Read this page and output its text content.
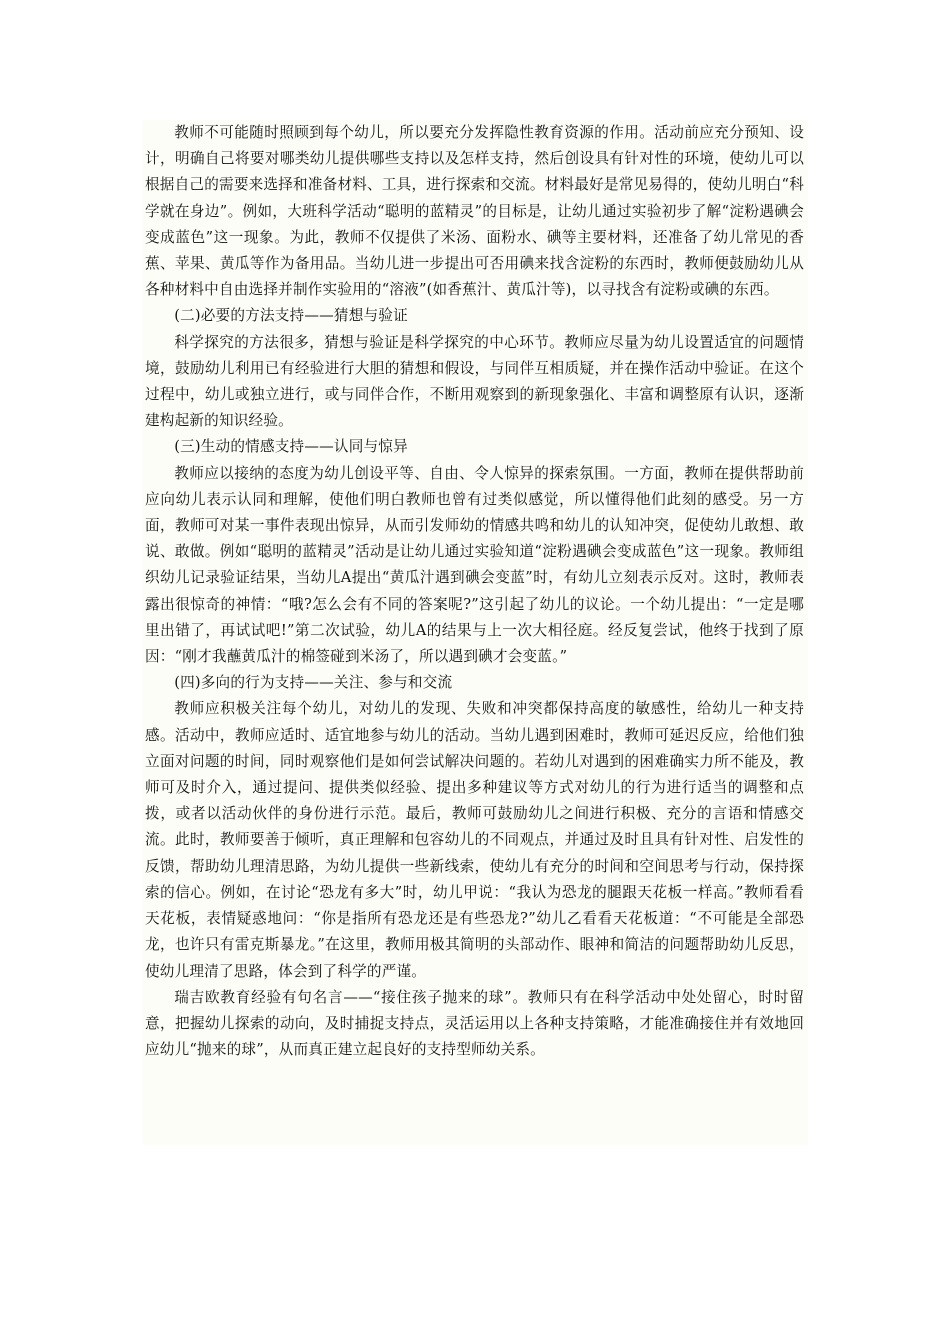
教师不可能随时照顾到每个幼儿，所以要充分发挥隐性教育资源的作用。活动前应充分预知、设计，明确自己将要对哪类幼儿提供哪些支持以及怎样支持，然后创设具有针对性的环境，使幼儿可以根据自己的需要来选择和准备材料、工具，进行探索和交流。材料最好是常见易得的，使幼儿明白“科学就在身边”。例如，大班科学活动“聪明的蓝精灵”的目标是，让幼儿通过实验初步了解“淀粉遇碘会变成蓝色”这一现象。为此，教师不仅提供了米汤、面粉水、碘等主要材料，还准备了幼儿常见的香蕉、苹果、黄瓜等作为备用品。当幼儿进一步提出可否用碘来找含淀粉的东西时，教师便鼓励幼儿从各种材料中自由选择并制作实验用的“溶液”(如香蕉汁、黄瓜汁等)，以寻找含有淀粉或碘的东西。

(二)必要的方法支持——猜想与验证

科学探究的方法很多，猜想与验证是科学探究的中心环节。教师应尽量为幼儿设置适宜的问题情境，鼓励幼儿利用已有经验进行大胆的猜想和假设，与同伴互相质疑，并在操作活动中验证。在这个过程中，幼儿或独立进行，或与同伴合作，不断用观察到的新现象强化、丰富和调整原有认识，逐渐建构起新的知识经验。

(三)生动的情感支持——认同与惊异

教师应以接纳的态度为幼儿创设平等、自由、令人惊异的探索氛围。一方面，教师在提供帮助前应向幼儿表示认同和理解，使他们明白教师也曾有过类似感觉，所以懂得他们此刻的感受。另一方面，教师可对某一事件表现出惊异，从而引发师幼的情感共鸣和幼儿的认知冲突，促使幼儿敢想、敢说、敢做。例如“聪明的蓝精灵”活动是让幼儿通过实验知道“淀粉遇碘会变成蓝色”这一现象。教师组织幼儿记录验证结果，当幼儿A提出“黄瓜汁遇到碘会变蓝”时，有幼儿立刻表示反对。这时，教师表露出很惊奇的神情：“哦?怎么会有不同的答案呢?”这引起了幼儿的议论。一个幼儿提出：“一定是哪里出错了，再试试吧!”第二次试验，幼儿A的结果与上一次大相径庭。经反复尝试，他终于找到了原因：“刚才我蘸黄瓜汁的棉签碰到米汤了，所以遇到碘才会变蓝。”

(四)多向的行为支持——关注、参与和交流

教师应积极关注每个幼儿，对幼儿的发现、失败和冲突都保持高度的敏感性，给幼儿一种支持感。活动中，教师应适时、适宜地参与幼儿的活动。当幼儿遇到困难时，教师可延迟反应，给他们独立面对问题的时间，同时观察他们是如何尝试解决问题的。若幼儿对遇到的困难确实力所不能及，教师可及时介入，通过提问、提供类似经验、提出多种建议等方式对幼儿的行为进行适当的调整和点拨，或者以活动伙伴的身份进行示范。最后，教师可鼓励幼儿之间进行积极、充分的言语和情感交流。此时，教师要善于倾听，真正理解和包容幼儿的不同观点，并通过及时且具有针对性、启发性的反馈，帮助幼儿理清思路，为幼儿提供一些新线索，使幼儿有充分的时间和空间思考与行动，保持探索的信心。例如，在讨论“恐龙有多大”时，幼儿甲说：“我认为恐龙的腿跟天花板一样高。”教师看看天花板，表情疑惑地问：“你是指所有恐龙还是有些恐龙?”幼儿乙看看天花板道：“不可能是全部恐龙，也许只有雷克斯暴龙。”在这里，教师用极其简明的头部动作、眼神和简洁的问题帮助幼儿反思，使幼儿理清了思路，体会到了科学的严谨。

瑞吉欧教育经验有句名言——“接住孩子抛来的球”。教师只有在科学活动中处处留心，时时留意，把握幼儿探索的动向，及时捕捉支持点，灵活运用以上各种支持策略，才能准确接住并有效地回应幼儿“抛来的球”，从而真正建立起良好的支持型师幼关系。
